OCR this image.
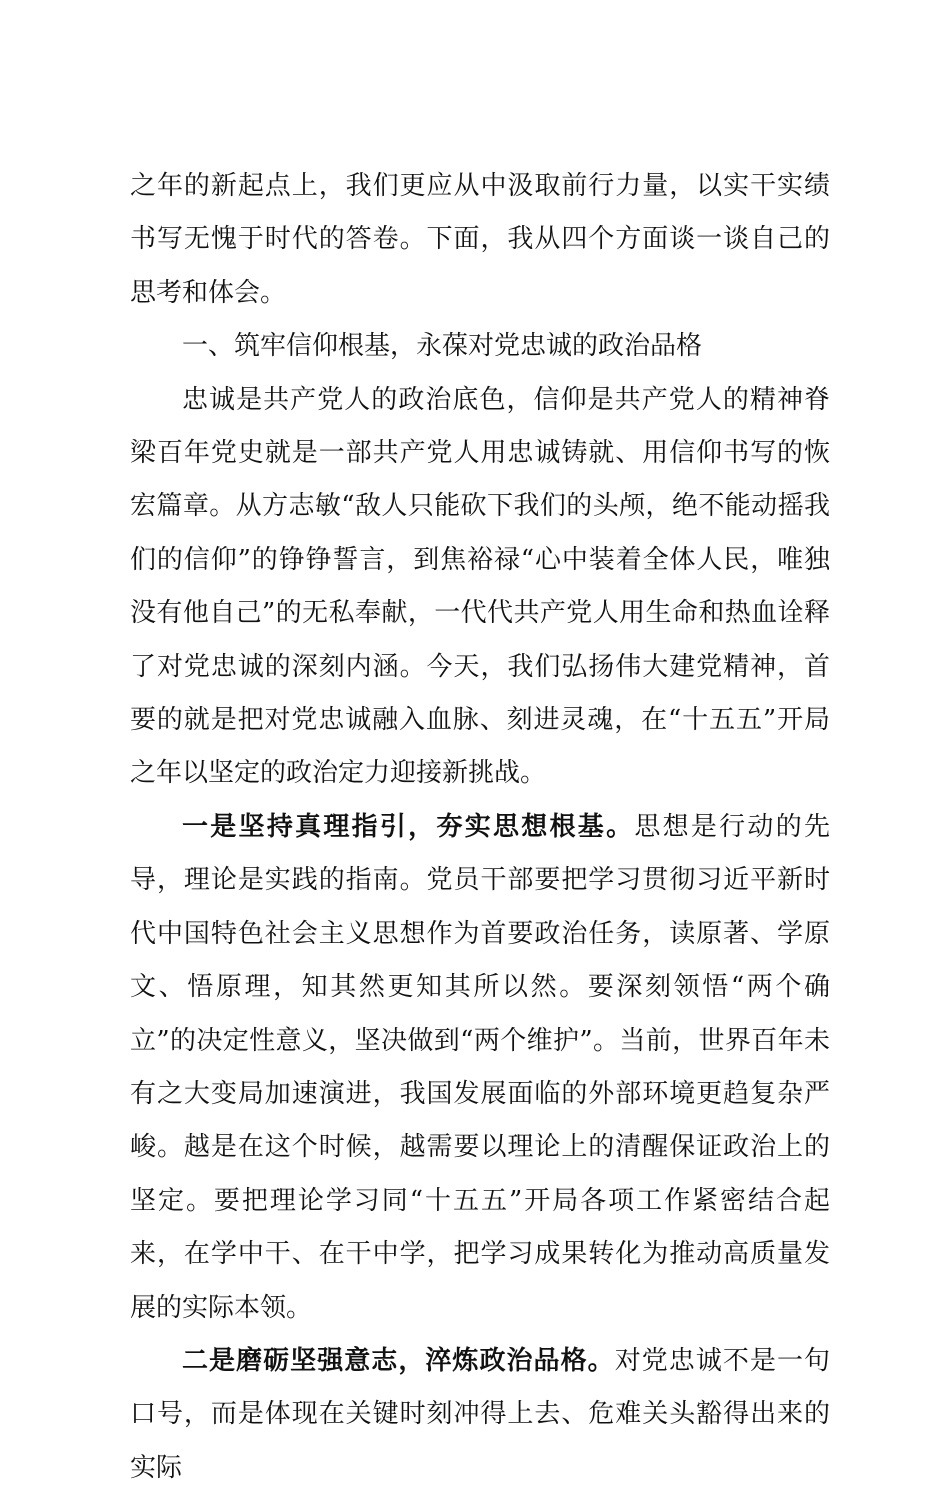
之年的新起点上，我们更应从中汲取前行力量，以实干实绩书写无愧于时代的答卷。下面，我从四个方面谈一谈自己的思考和体会。

一、筑牢信仰根基，永葆对党忠诚的政治品格

忠诚是共产党人的政治底色，信仰是共产党人的精神脊梁百年党史就是一部共产党人用忠诚铸就、用信仰书写的恢宏篇章。从方志敏“敌人只能砍下我们的头颅，绝不能动摇我们的信仰”的铮铮誓言，到焦裕禄“心中装着全体人民，唯独没有他自己”的无私奉献，一代代共产党人用生命和热血诠释了对党忠诚的深刻内涵。今天，我们弘扬伟大建党精神，首要的就是把对党忠诚融入血脉、刻进灵魂，在“十五五”开局之年以坚定的政治定力迎接新挑战。

一是坚持真理指引，夯实思想根基。思想是行动的先导，理论是实践的指南。党员干部要把学习贯彻习近平新时代中国特色社会主义思想作为首要政治任务，读原著、学原文、悟原理，知其然更知其所以然。要深刻领悟“两个确立”的决定性意义，坚决做到“两个维护”。当前，世界百年未有之大变局加速演进，我国发展面临的外部环境更趋复杂严峻。越是在这个时候，越需要以理论上的清醒保证政治上的坚定。要把理论学习同“十五五”开局各项工作紧密结合起来，在学中干、在干中学，把学习成果转化为推动高质量发展的实际本领。

二是磨砺坚强意志，淬炼政治品格。对党忠诚不是一句口号，而是体现在关键时刻冲得上去、危难关头豁得出来的实际
